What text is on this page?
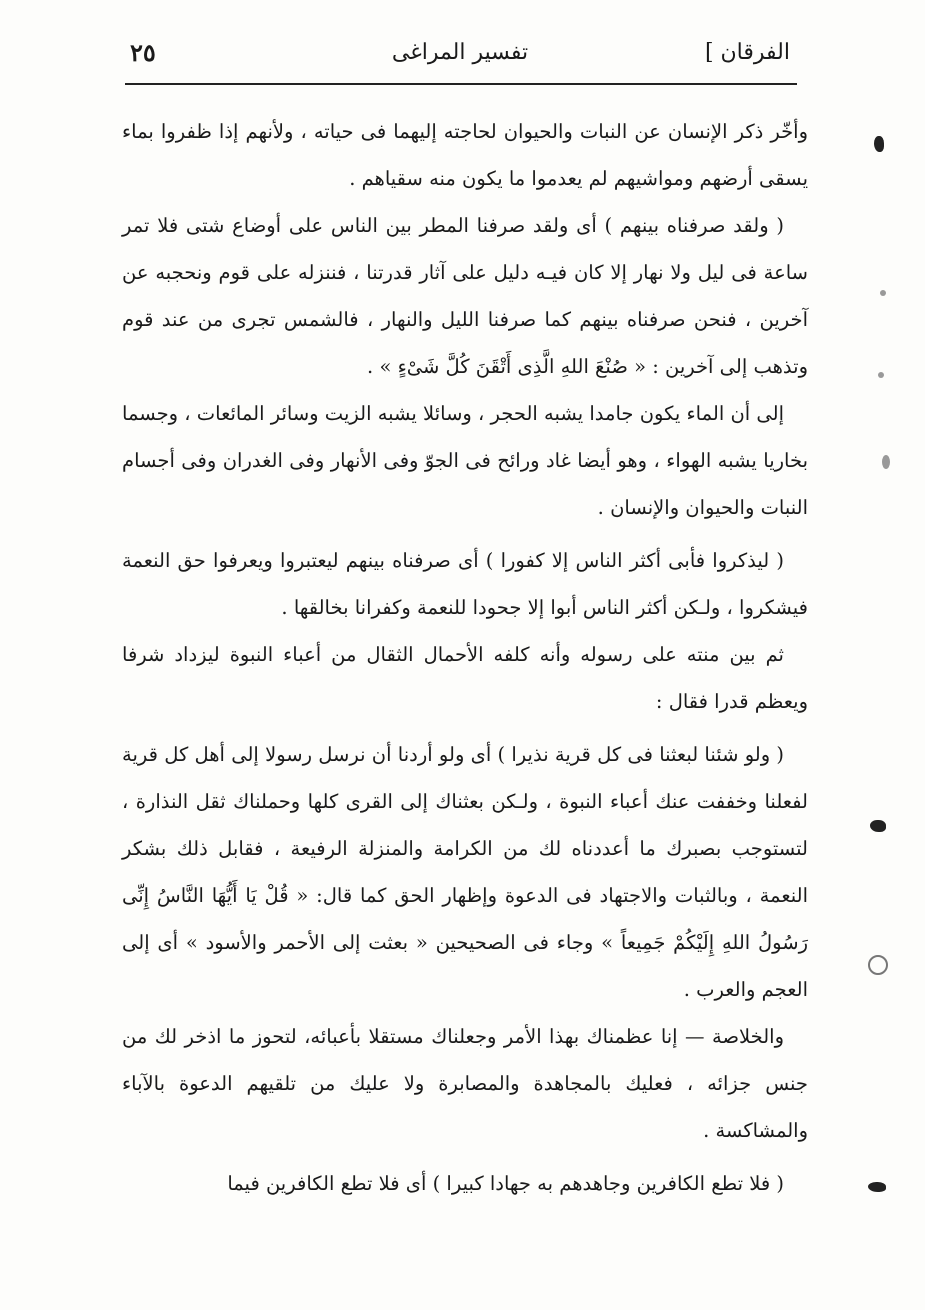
الفرقان ]
تفسير المراغى
٢٥

وأخّر ذكر الإنسان عن النبات والحيوان لحاجته إليهما فى حياته ، ولأنهم إذا ظفروا بماء يسقى أرضهم ومواشيهم لم يعدموا ما يكون منه سقياهم .

( ولقد صرفناه بينهم ) أى ولقد صرفنا المطر بين الناس على أوضاع شتى فلا تمر ساعة فى ليل ولا نهار إلا كان فيـه دليل على آثار قدرتنا ، فننزله على قوم ونحجبه عن آخرين ، فنحن صرفناه بينهم كما صرفنا الليل والنهار ، فالشمس تجرى من عند قوم وتذهب إلى آخرين : « صُنْعَ اللهِ الَّذِى أَتْقَنَ كُلَّ شَىْءٍ » .

إلى أن الماء يكون جامدا يشبه الحجر ، وسائلا يشبه الزيت وسائر المائعات ، وجسما بخاريا يشبه الهواء ، وهو أيضا غاد ورائح فى الجوّ وفى الأنهار وفى الغدران وفى أجسام النبات والحيوان والإنسان .

( ليذكروا فأبى أكثر الناس إلا كفورا ) أى صرفناه بينهم ليعتبروا ويعرفوا حق النعمة فيشكروا ، ولـكن أكثر الناس أبوا إلا جحودا للنعمة وكفرانا بخالقها .

ثم بين منته على رسوله وأنه كلفه الأحمال الثقال من أعباء النبوة ليزداد شرفا ويعظم قدرا فقال :

( ولو شئنا لبعثنا فى كل قرية نذيرا ) أى ولو أردنا أن نرسل رسولا إلى أهل كل قرية لفعلنا وخففت عنك أعباء النبوة ، ولـكن بعثناك إلى القرى كلها وحملناك ثقل النذارة ، لتستوجب بصبرك ما أعددناه لك من الكرامة والمنزلة الرفيعة ، فقابل ذلك بشكر النعمة ، وبالثبات والاجتهاد فى الدعوة وإظهار الحق كما قال: « قُلْ يَا أَيُّهَا النَّاسُ إِنِّى رَسُولُ اللهِ إِلَيْكُمْ جَمِيعاً » وجاء فى الصحيحين « بعثت إلى الأحمر والأسود » أى إلى العجم والعرب .

والخلاصة — إنا عظمناك بهذا الأمر وجعلناك مستقلا بأعبائه، لتحوز ما اذخر لك من جنس جزائه ، فعليك بالمجاهدة والمصابرة ولا عليك من تلقيهم الدعوة بالآباء والمشاكسة .

( فلا تطع الكافرين وجاهدهم به جهادا كبيرا ) أى فلا تطع الكافرين فيما
